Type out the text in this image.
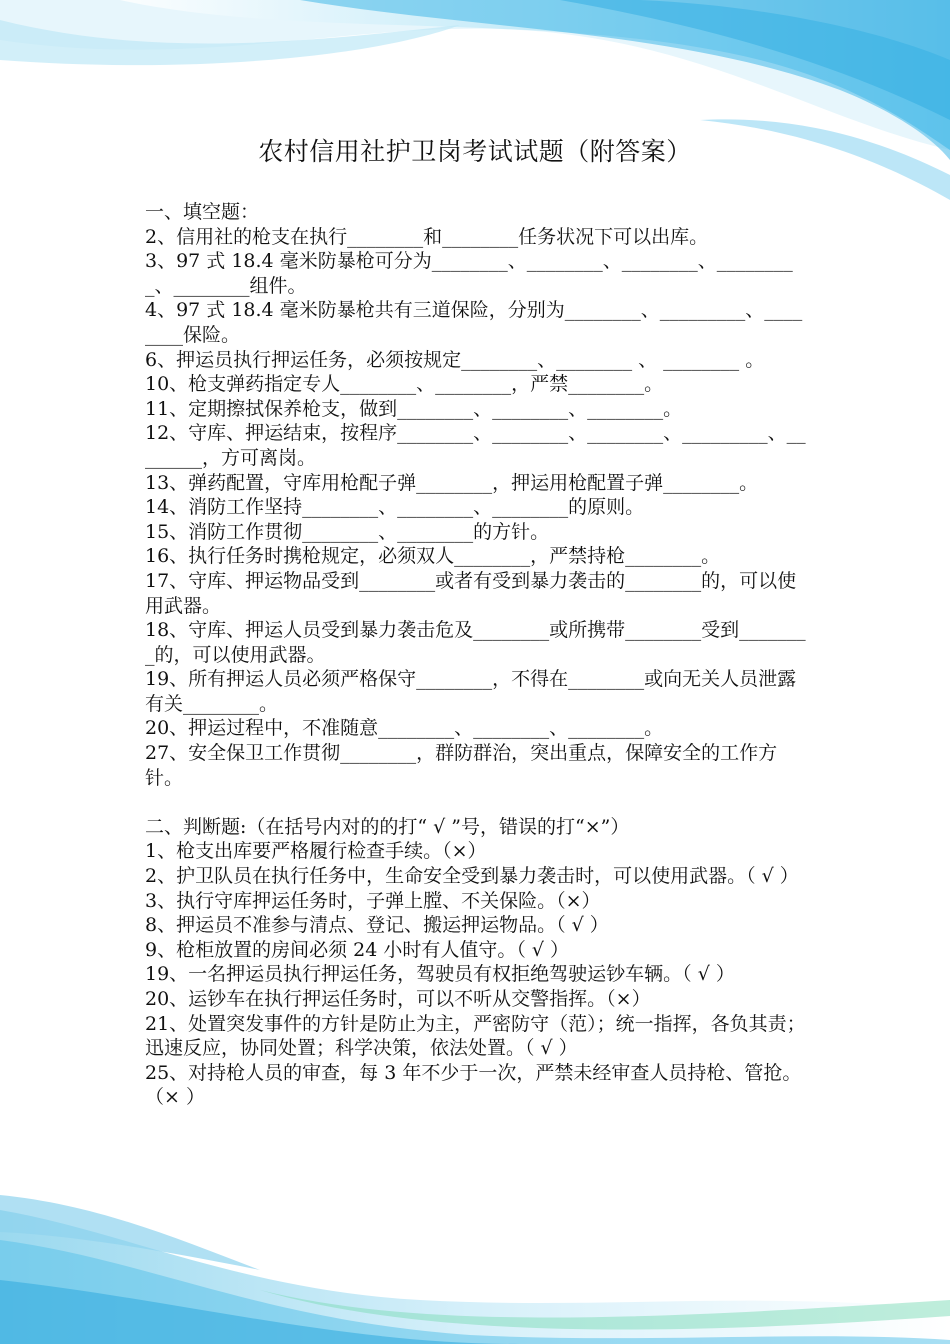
农村信用社护卫岗考试试题（附答案）

一、填空题：

2、信用社的枪支在执行________和________任务状况下可以出库。

3、97 式 18.4 毫米防暴枪可分为________、________、________、_________、________组件。

4、97 式 18.4 毫米防暴枪共有三道保险，分别为________、_________、________保险。

6、押运员执行押运任务，必须按规定________、________ 、 ________ 。

10、枪支弹药指定专人________、________，严禁________。

11、定期擦拭保养枪支，做到________、________、________。

12、守库、押运结束，按程序________、________、________、_________、________，方可离岗。

13、弹药配置，守库用枪配子弹________，押运用枪配置子弹________。

14、消防工作坚持________、________、________的原则。

15、消防工作贯彻________、________的方针。

16、执行任务时携枪规定，必须双人________，严禁持枪________。

17、守库、押运物品受到________或者有受到暴力袭击的________的，可以使用武器。

18、守库、押运人员受到暴力袭击危及________或所携带________受到________的，可以使用武器。

19、所有押运人员必须严格保守________，不得在________或向无关人员泄露有关________。

20、押运过程中，不准随意________、________、________。

27、安全保卫工作贯彻________，群防群治，突出重点，保障安全的工作方针。

二、判断题:（在括号内对的的打“ √ ”号，错误的打“×”）

1、枪支出库要严格履行检查手续。（×）

2、护卫队员在执行任务中，生命安全受到暴力袭击时，可以使用武器。（ √ ）

3、执行守库押运任务时，子弹上膛、不关保险。（×）

8、押运员不准参与清点、登记、搬运押运物品。（ √ ）

9、枪柜放置的房间必须 24 小时有人值守。（ √ ）

19、一名押运员执行押运任务，驾驶员有权拒绝驾驶运钞车辆。（ √ ）

20、运钞车在执行押运任务时，可以不听从交警指挥。（×）

21、处置突发事件的方针是防止为主，严密防守（范）；统一指挥，各负其责；迅速反应，协同处置；科学决策，依法处置。（ √ ）

25、对持枪人员的审查，每 3 年不少于一次，严禁未经审查人员持枪、管抢。（× ）
